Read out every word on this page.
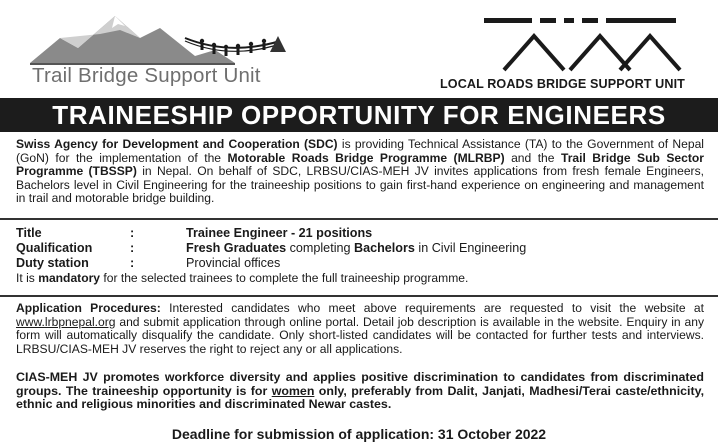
Trail Bridge Support Unit	LOCAL ROADS BRIDGE SUPPORT UNIT
TRAINEESHIP OPPORTUNITY FOR ENGINEERS
Swiss Agency for Development and Cooperation (SDC) is providing Technical Assistance (TA) to the Government of Nepal (GoN) for the implementation of the Motorable Roads Bridge Programme (MLRBP) and the Trail Bridge Sub Sector Programme (TBSSP) in Nepal. On behalf of SDC, LRBSU/CIAS-MEH JV invites applications from fresh female Engineers, Bachelors level in Civil Engineering for the traineeship positions to gain first-hand experience on engineering and management in trail and motorable bridge building.
Title	:	Trainee Engineer - 21 positions
Qualification	:	Fresh Graduates completing Bachelors in Civil Engineering
Duty station	:	Provincial offices
It is mandatory for the selected trainees to complete the full traineeship programme.
Application Procedures: Interested candidates who meet above requirements are requested to visit the website at www.lrbpnepal.org and submit application through online portal. Detail job description is available in the website. Enquiry in any form will automatically disqualify the candidate. Only short-listed candidates will be contacted for further tests and interviews. LRBSU/CIAS-MEH JV reserves the right to reject any or all applications.
CIAS-MEH JV promotes workforce diversity and applies positive discrimination to candidates from discriminated groups. The traineeship opportunity is for women only, preferably from Dalit, Janjati, Madhesi/Terai caste/ethnicity, ethnic and religious minorities and discriminated Newar castes.
Deadline for submission of application: 31 October 2022
